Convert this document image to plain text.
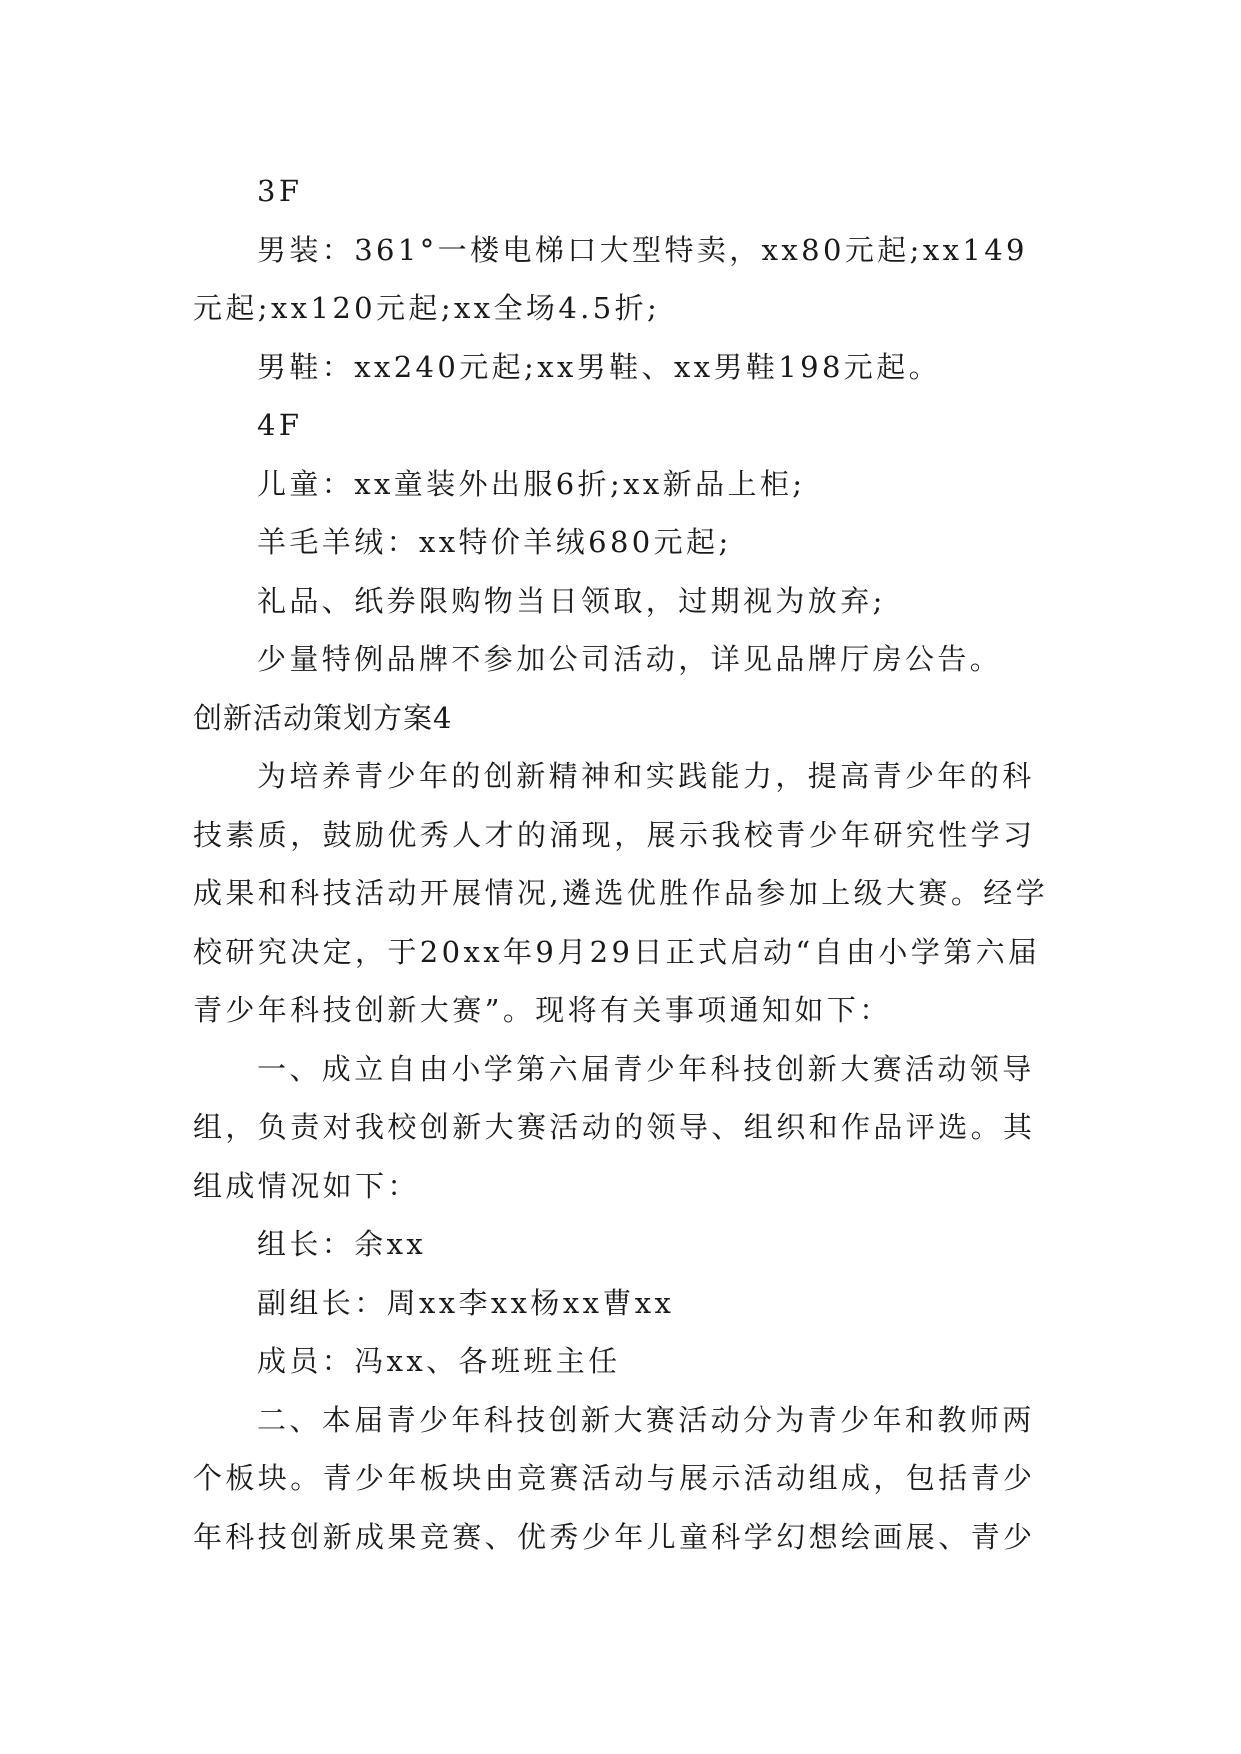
3F

男装：361°一楼电梯口大型特卖，xx80元起;xx149元起;xx120元起;xx全场4.5折;

男鞋：xx240元起;xx男鞋、xx男鞋198元起。

4F

儿童：xx童装外出服6折;xx新品上柜;

羊毛羊绒：xx特价羊绒680元起;

礼品、纸券限购物当日领取，过期视为放弃;

少量特例品牌不参加公司活动，详见品牌厅房公告。

创新活动策划方案4

为培养青少年的创新精神和实践能力，提高青少年的科技素质，鼓励优秀人才的涌现，展示我校青少年研究性学习成果和科技活动开展情况,遴选优胜作品参加上级大赛。经学校研究决定，于20xx年9月29日正式启动“自由小学第六届青少年科技创新大赛”。现将有关事项通知如下：

一、成立自由小学第六届青少年科技创新大赛活动领导组，负责对我校创新大赛活动的领导、组织和作品评选。其组成情况如下：

组长：余xx

副组长：周xx李xx杨xx曹xx

成员：冯xx、各班班主任

二、本届青少年科技创新大赛活动分为青少年和教师两个板块。青少年板块由竞赛活动与展示活动组成，包括青少年科技创新成果竞赛、优秀少年儿童科学幻想绘画展、青少
